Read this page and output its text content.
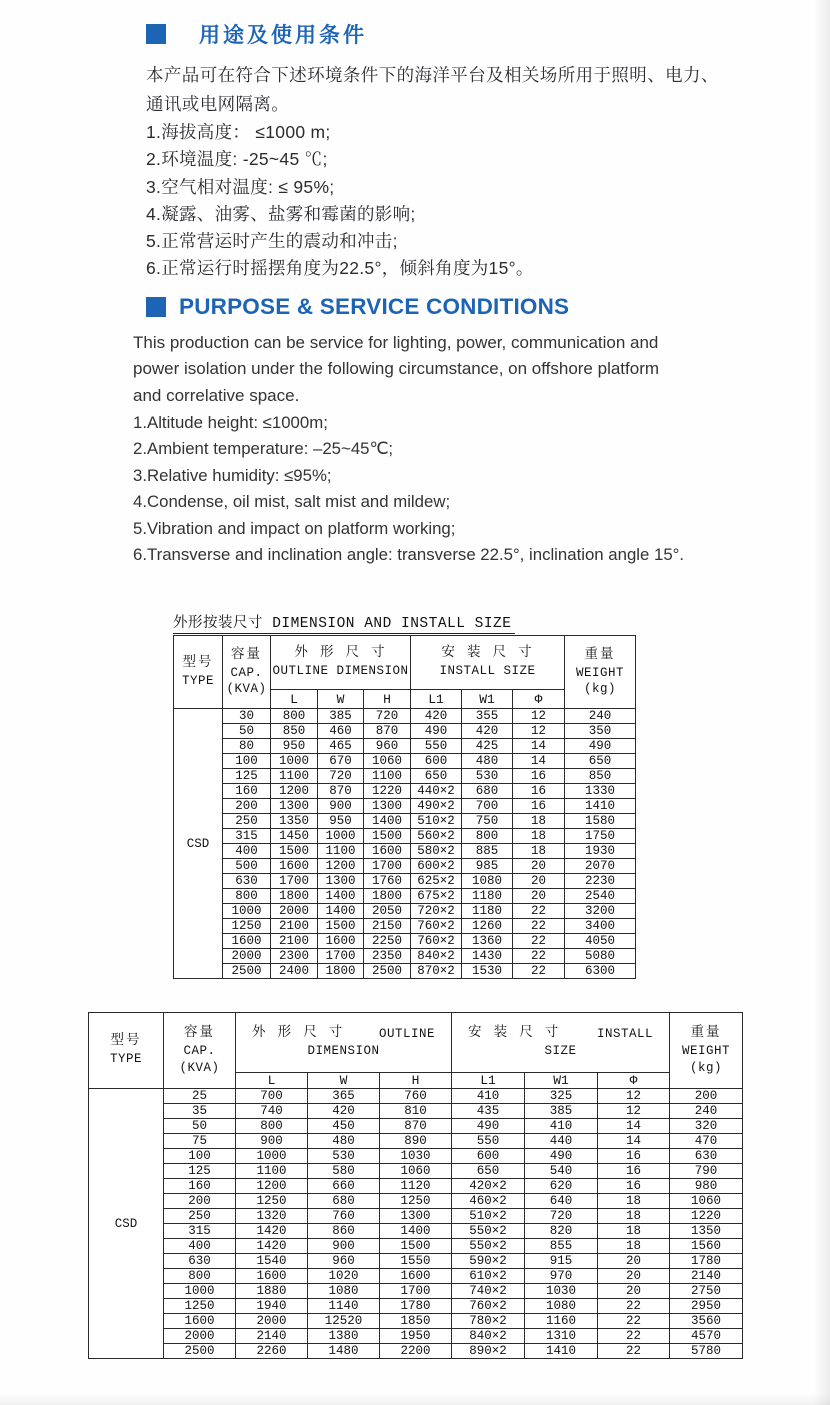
用途及使用条件
本产品可在符合下述环境条件下的海洋平台及相关场所用于照明、电力、通讯或电网隔离。
1.海拔高度： ≤1000 m;
2.环境温度: -25~45 ℃;
3.空气相对温度: ≤ 95%;
4.凝露、油雾、盐雾和霉菌的影响;
5.正常营运时产生的震动和冲击;
6.正常运行时摇摆角度为22.5°，倾斜角度为15°。
PURPOSE & SERVICE CONDITIONS
This production can be service for lighting, power, communication and power isolation under the following circumstance, on offshore platform and correlative space.
1.Altitude height: ≤1000m;
2.Ambient temperature: –25~45℃;
3.Relative humidity: ≤95%;
4.Condense, oil mist, salt mist and mildew;
5.Vibration and impact on platform working;
6.Transverse and inclination angle: transverse 22.5°, inclination angle 15°.
外形按装尺寸 DIMENSION AND INSTALL SIZE
型号
TYPE

容量
CAP.
(KVA)

外 形 尺 寸
OUTLINE DIMENSION

安 装 尺 寸
INSTALL SIZE

重量
WEIGHT
(kg)

		L	W	H	L1	W1	Φ	
CSD	30	800	385	720	420	355	12	240
	50	850	460	870	490	420	12	350
	80	950	465	960	550	425	14	490
	100	1000	670	1060	600	480	14	650
	125	1100	720	1100	650	530	16	850
	160	1200	870	1220	440×2	680	16	1330
	200	1300	900	1300	490×2	700	16	1410
	250	1350	950	1400	510×2	750	18	1580
	315	1450	1000	1500	560×2	800	18	1750
	400	1500	1100	1600	580×2	885	18	1930
	500	1600	1200	1700	600×2	985	20	2070
	630	1700	1300	1760	625×2	1080	20	2230
	800	1800	1400	1800	675×2	1180	20	2540
	1000	2000	1400	2050	720×2	1180	22	3200
	1250	2100	1500	2150	760×2	1260	22	3400
	1600	2100	1600	2250	760×2	1360	22	4050
	2000	2300	1700	2350	840×2	1430	22	5080
	2500	2400	1800	2500	870×2	1530	22	6300
型号
TYPE

容量
CAP.
(KVA)

外 形 尺 寸	OUTLINE
DIMENSION

安 装 尺 寸	INSTALL
SIZE

重量
WEIGHT
(kg)

		L	W	H	L1	W1	Φ	
CSD	25	700	365	760	410	325	12	200
	35	740	420	810	435	385	12	240
	50	800	450	870	490	410	14	320
	75	900	480	890	550	440	14	470
	100	1000	530	1030	600	490	16	630
	125	1100	580	1060	650	540	16	790
	160	1200	660	1120	420×2	620	16	980
	200	1250	680	1250	460×2	640	18	1060
	250	1320	760	1300	510×2	720	18	1220
	315	1420	860	1400	550×2	820	18	1350
	400	1420	900	1500	550×2	855	18	1560
	630	1540	960	1550	590×2	915	20	1780
	800	1600	1020	1600	610×2	970	20	2140
	1000	1880	1080	1700	740×2	1030	20	2750
	1250	1940	1140	1780	760×2	1080	22	2950
	1600	2000	12520	1850	780×2	1160	22	3560
	2000	2140	1380	1950	840×2	1310	22	4570
	2500	2260	1480	2200	890×2	1410	22	5780
